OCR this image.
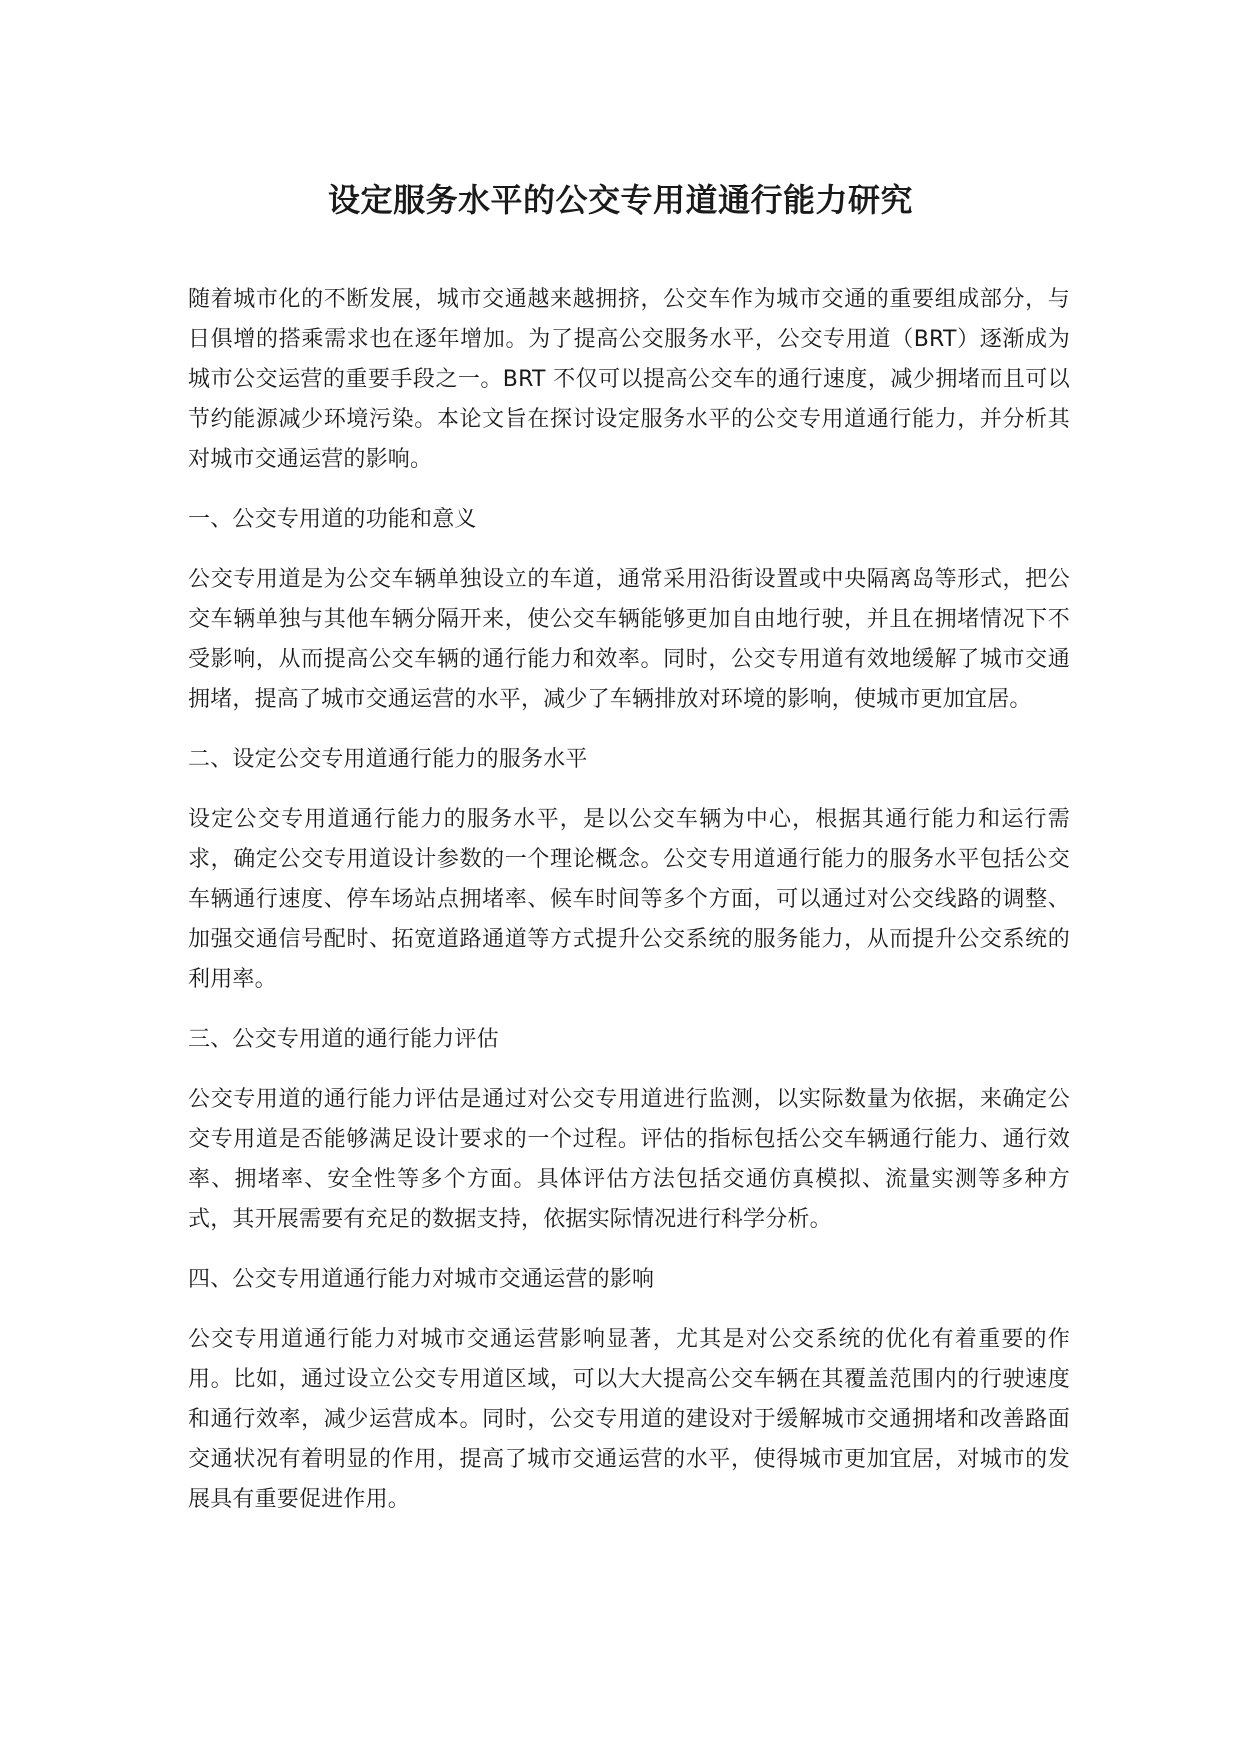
设定服务水平的公交专用道通行能力研究

随着城市化的不断发展，城市交通越来越拥挤，公交车作为城市交通的重要组成部分，与日俱增的搭乘需求也在逐年增加。为了提高公交服务水平，公交专用道（BRT）逐渐成为城市公交运营的重要手段之一。BRT 不仅可以提高公交车的通行速度，减少拥堵而且可以节约能源减少环境污染。本论文旨在探讨设定服务水平的公交专用道通行能力，并分析其对城市交通运营的影响。

一、公交专用道的功能和意义

公交专用道是为公交车辆单独设立的车道，通常采用沿街设置或中央隔离岛等形式，把公交车辆单独与其他车辆分隔开来，使公交车辆能够更加自由地行驶，并且在拥堵情况下不受影响，从而提高公交车辆的通行能力和效率。同时，公交专用道有效地缓解了城市交通拥堵，提高了城市交通运营的水平，减少了车辆排放对环境的影响，使城市更加宜居。

二、设定公交专用道通行能力的服务水平

设定公交专用道通行能力的服务水平，是以公交车辆为中心，根据其通行能力和运行需求，确定公交专用道设计参数的一个理论概念。公交专用道通行能力的服务水平包括公交车辆通行速度、停车场站点拥堵率、候车时间等多个方面，可以通过对公交线路的调整、加强交通信号配时、拓宽道路通道等方式提升公交系统的服务能力，从而提升公交系统的利用率。

三、公交专用道的通行能力评估

公交专用道的通行能力评估是通过对公交专用道进行监测，以实际数量为依据，来确定公交专用道是否能够满足设计要求的一个过程。评估的指标包括公交车辆通行能力、通行效率、拥堵率、安全性等多个方面。具体评估方法包括交通仿真模拟、流量实测等多种方式，其开展需要有充足的数据支持，依据实际情况进行科学分析。

四、公交专用道通行能力对城市交通运营的影响

公交专用道通行能力对城市交通运营影响显著，尤其是对公交系统的优化有着重要的作用。比如，通过设立公交专用道区域，可以大大提高公交车辆在其覆盖范围内的行驶速度和通行效率，减少运营成本。同时，公交专用道的建设对于缓解城市交通拥堵和改善路面交通状况有着明显的作用，提高了城市交通运营的水平，使得城市更加宜居，对城市的发展具有重要促进作用。
